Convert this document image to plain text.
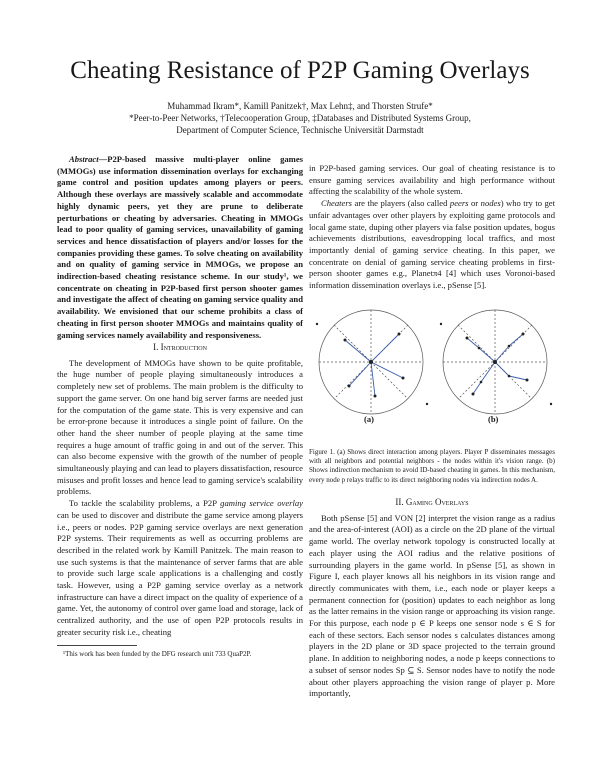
Cheating Resistance of P2P Gaming Overlays
Muhammad Ikram*, Kamill Panitzek†, Max Lehn‡, and Thorsten Strufe*
*Peer-to-Peer Networks, †Telecooperation Group, ‡Databases and Distributed Systems Group,
Department of Computer Science, Technische Universität Darmstadt

Abstract—P2P-based massive multi-player online games (MMOGs) use information dissemination overlays for exchanging game control and position updates among players or peers. Although these overlays are massively scalable and accommodate highly dynamic peers, yet they are prune to deliberate perturbations or cheating by adversaries. Cheating in MMOGs lead to poor quality of gaming services, unavailability of gaming services and hence dissatisfaction of players and/or losses for the companies providing these games. To solve cheating on availability and on quality of gaming service in MMOGs, we propose an indirection-based cheating resistance scheme. In our study¹, we concentrate on cheating in P2P-based first person shooter games and investigate the affect of cheating on gaming service quality and availability. We envisioned that our scheme prohibits a class of cheating in first person shooter MMOGs and maintains quality of gaming services namely availability and responsiveness.

I. Introduction

The development of MMOGs have shown to be quite profitable, the huge number of people playing simultaneously introduces a completely new set of problems. The main problem is the difficulty to support the game server. On one hand big server farms are needed just for the computation of the game state. This is very expensive and can be error-prone because it introduces a single point of failure. On the other hand the sheer number of people playing at the same time requires a huge amount of traffic going in and out of the server. This can also become expensive with the growth of the number of people simultaneously playing and can lead to players dissatisfaction, resource misuses and profit losses and hence lead to gaming service's scalability problems.

To tackle the scalability problems, a P2P gaming service overlay can be used to discover and distribute the game service among players i.e., peers or nodes. P2P gaming service overlays are next generation P2P systems. Their requirements as well as occurring problems are described in the related work by Kamill Panitzek. The main reason to use such systems is that the maintenance of server farms that are able to provide such large scale applications is a challenging and costly task. However, using a P2P gaming service overlay as a network infrastructure can have a direct impact on the quality of experience of a game. Yet, the autonomy of control over game load and storage, lack of centralized authority, and the use of open P2P protocols results in greater security risk i.e., cheating

¹This work has been funded by the DFG research unit 733 QuaP2P.

in P2P-based gaming services. Our goal of cheating resistance is to ensure gaming services availability and high performance without affecting the scalability of the whole system.

Cheaters are the players (also called peers or nodes) who try to get unfair advantages over other players by exploiting game protocols and local game state, duping other players via false position updates, bogus achievements distributions, eavesdropping local traffics, and most importantly denial of gaming service cheating. In this paper, we concentrate on denial of gaming service cheating problems in first-person shooter games e.g., Planetπ4 [4] which uses Voronoi-based information dissemination overlays i.e., pSense [5].

(a)	(b)
Figure 1. (a) Shows direct interaction among players. Player P disseminates messages with all neighbors and potential neighbors - the nodes within it's vision range. (b) Shows indirection mechanism to avoid ID-based cheating in games. In this mechanism, every node p relays traffic to its direct neighboring nodes via indirection nodes A.
II. Gaming Overlays

Both pSense [5] and VON [2] interpret the vision range as a radius and the area-of-interest (AOI) as a circle on the 2D plane of the virtual game world. The overlay network topology is constructed locally at each player using the AOI radius and the relative positions of surrounding players in the game world. In pSense [5], as shown in Figure I, each player knows all his neighbors in its vision range and directly communicates with them, i.e., each node or player keeps a permanent connection for (position) updates to each neighbor as long as the latter remains in the vision range or approaching its vision range. For this purpose, each node p ∈ P keeps one sensor node s ∈ S for each of these sectors. Each sensor nodes s calculates distances among players in the 2D plane or 3D space projected to the terrain ground plane. In addition to neighboring nodes, a node p keeps connections to a subset of sensor nodes Sp ⊆ S. Sensor nodes have to notify the node about other players approaching the vision range of player p. More importantly,
